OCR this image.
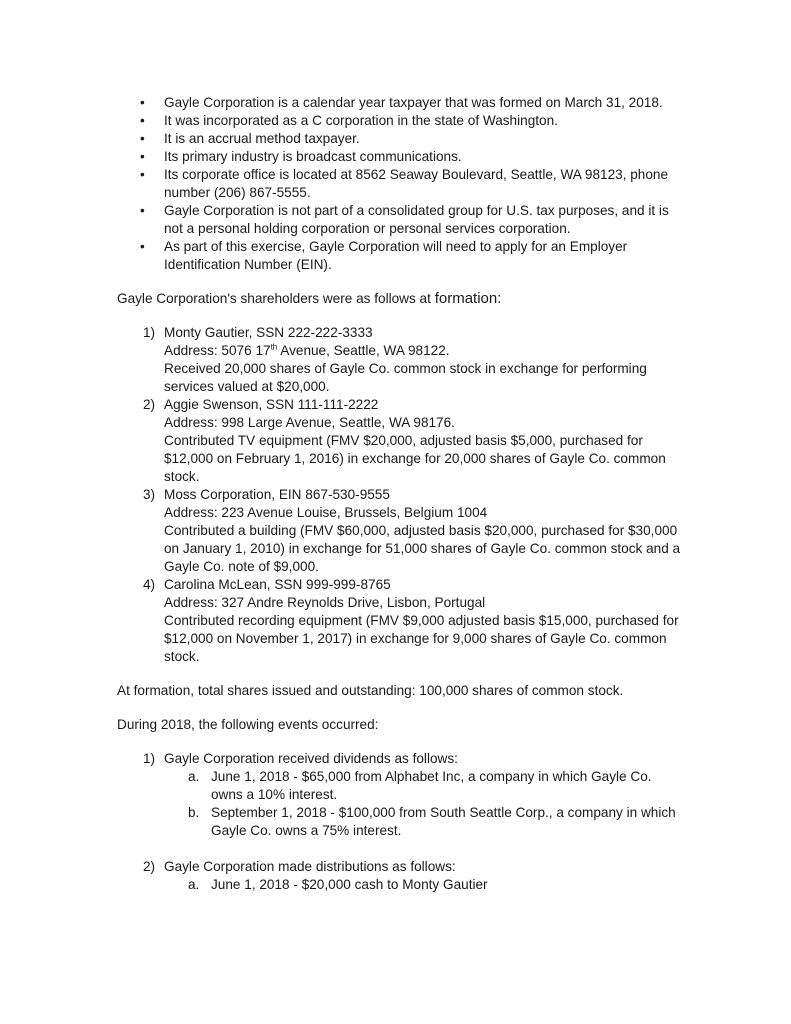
• Gayle Corporation is a calendar year taxpayer that was formed on March 31, 2018.
• It was incorporated as a C corporation in the state of Washington.
• It is an accrual method taxpayer.
• Its primary industry is broadcast communications.
• Its corporate office is located at 8562 Seaway Boulevard, Seattle, WA 98123, phone number (206) 867-5555.
• Gayle Corporation is not part of a consolidated group for U.S. tax purposes, and it is not a personal holding corporation or personal services corporation.
• As part of this exercise, Gayle Corporation will need to apply for an Employer Identification Number (EIN).

Gayle Corporation's shareholders were as follows at formation:

1) Monty Gautier, SSN 222-222-3333
Address: 5076 17th Avenue, Seattle, WA 98122.
Received 20,000 shares of Gayle Co. common stock in exchange for performing services valued at $20,000.
2) Aggie Swenson, SSN 111-111-2222
Address: 998 Large Avenue, Seattle, WA 98176.
Contributed TV equipment (FMV $20,000, adjusted basis $5,000, purchased for $12,000 on February 1, 2016) in exchange for 20,000 shares of Gayle Co. common stock.
3) Moss Corporation, EIN 867-530-9555
Address: 223 Avenue Louise, Brussels, Belgium 1004
Contributed a building (FMV $60,000, adjusted basis $20,000, purchased for $30,000 on January 1, 2010) in exchange for 51,000 shares of Gayle Co. common stock and a Gayle Co. note of $9,000.
4) Carolina McLean, SSN 999-999-8765
Address: 327 Andre Reynolds Drive, Lisbon, Portugal
Contributed recording equipment (FMV $9,000 adjusted basis $15,000, purchased for $12,000 on November 1, 2017) in exchange for 9,000 shares of Gayle Co. common stock.

At formation, total shares issued and outstanding: 100,000 shares of common stock.

During 2018, the following events occurred:

1) Gayle Corporation received dividends as follows:
a. June 1, 2018 - $65,000 from Alphabet Inc, a company in which Gayle Co. owns a 10% interest.
b. September 1, 2018 - $100,000 from South Seattle Corp., a company in which Gayle Co. owns a 75% interest.
2) Gayle Corporation made distributions as follows:
a. June 1, 2018 - $20,000 cash to Monty Gautier
